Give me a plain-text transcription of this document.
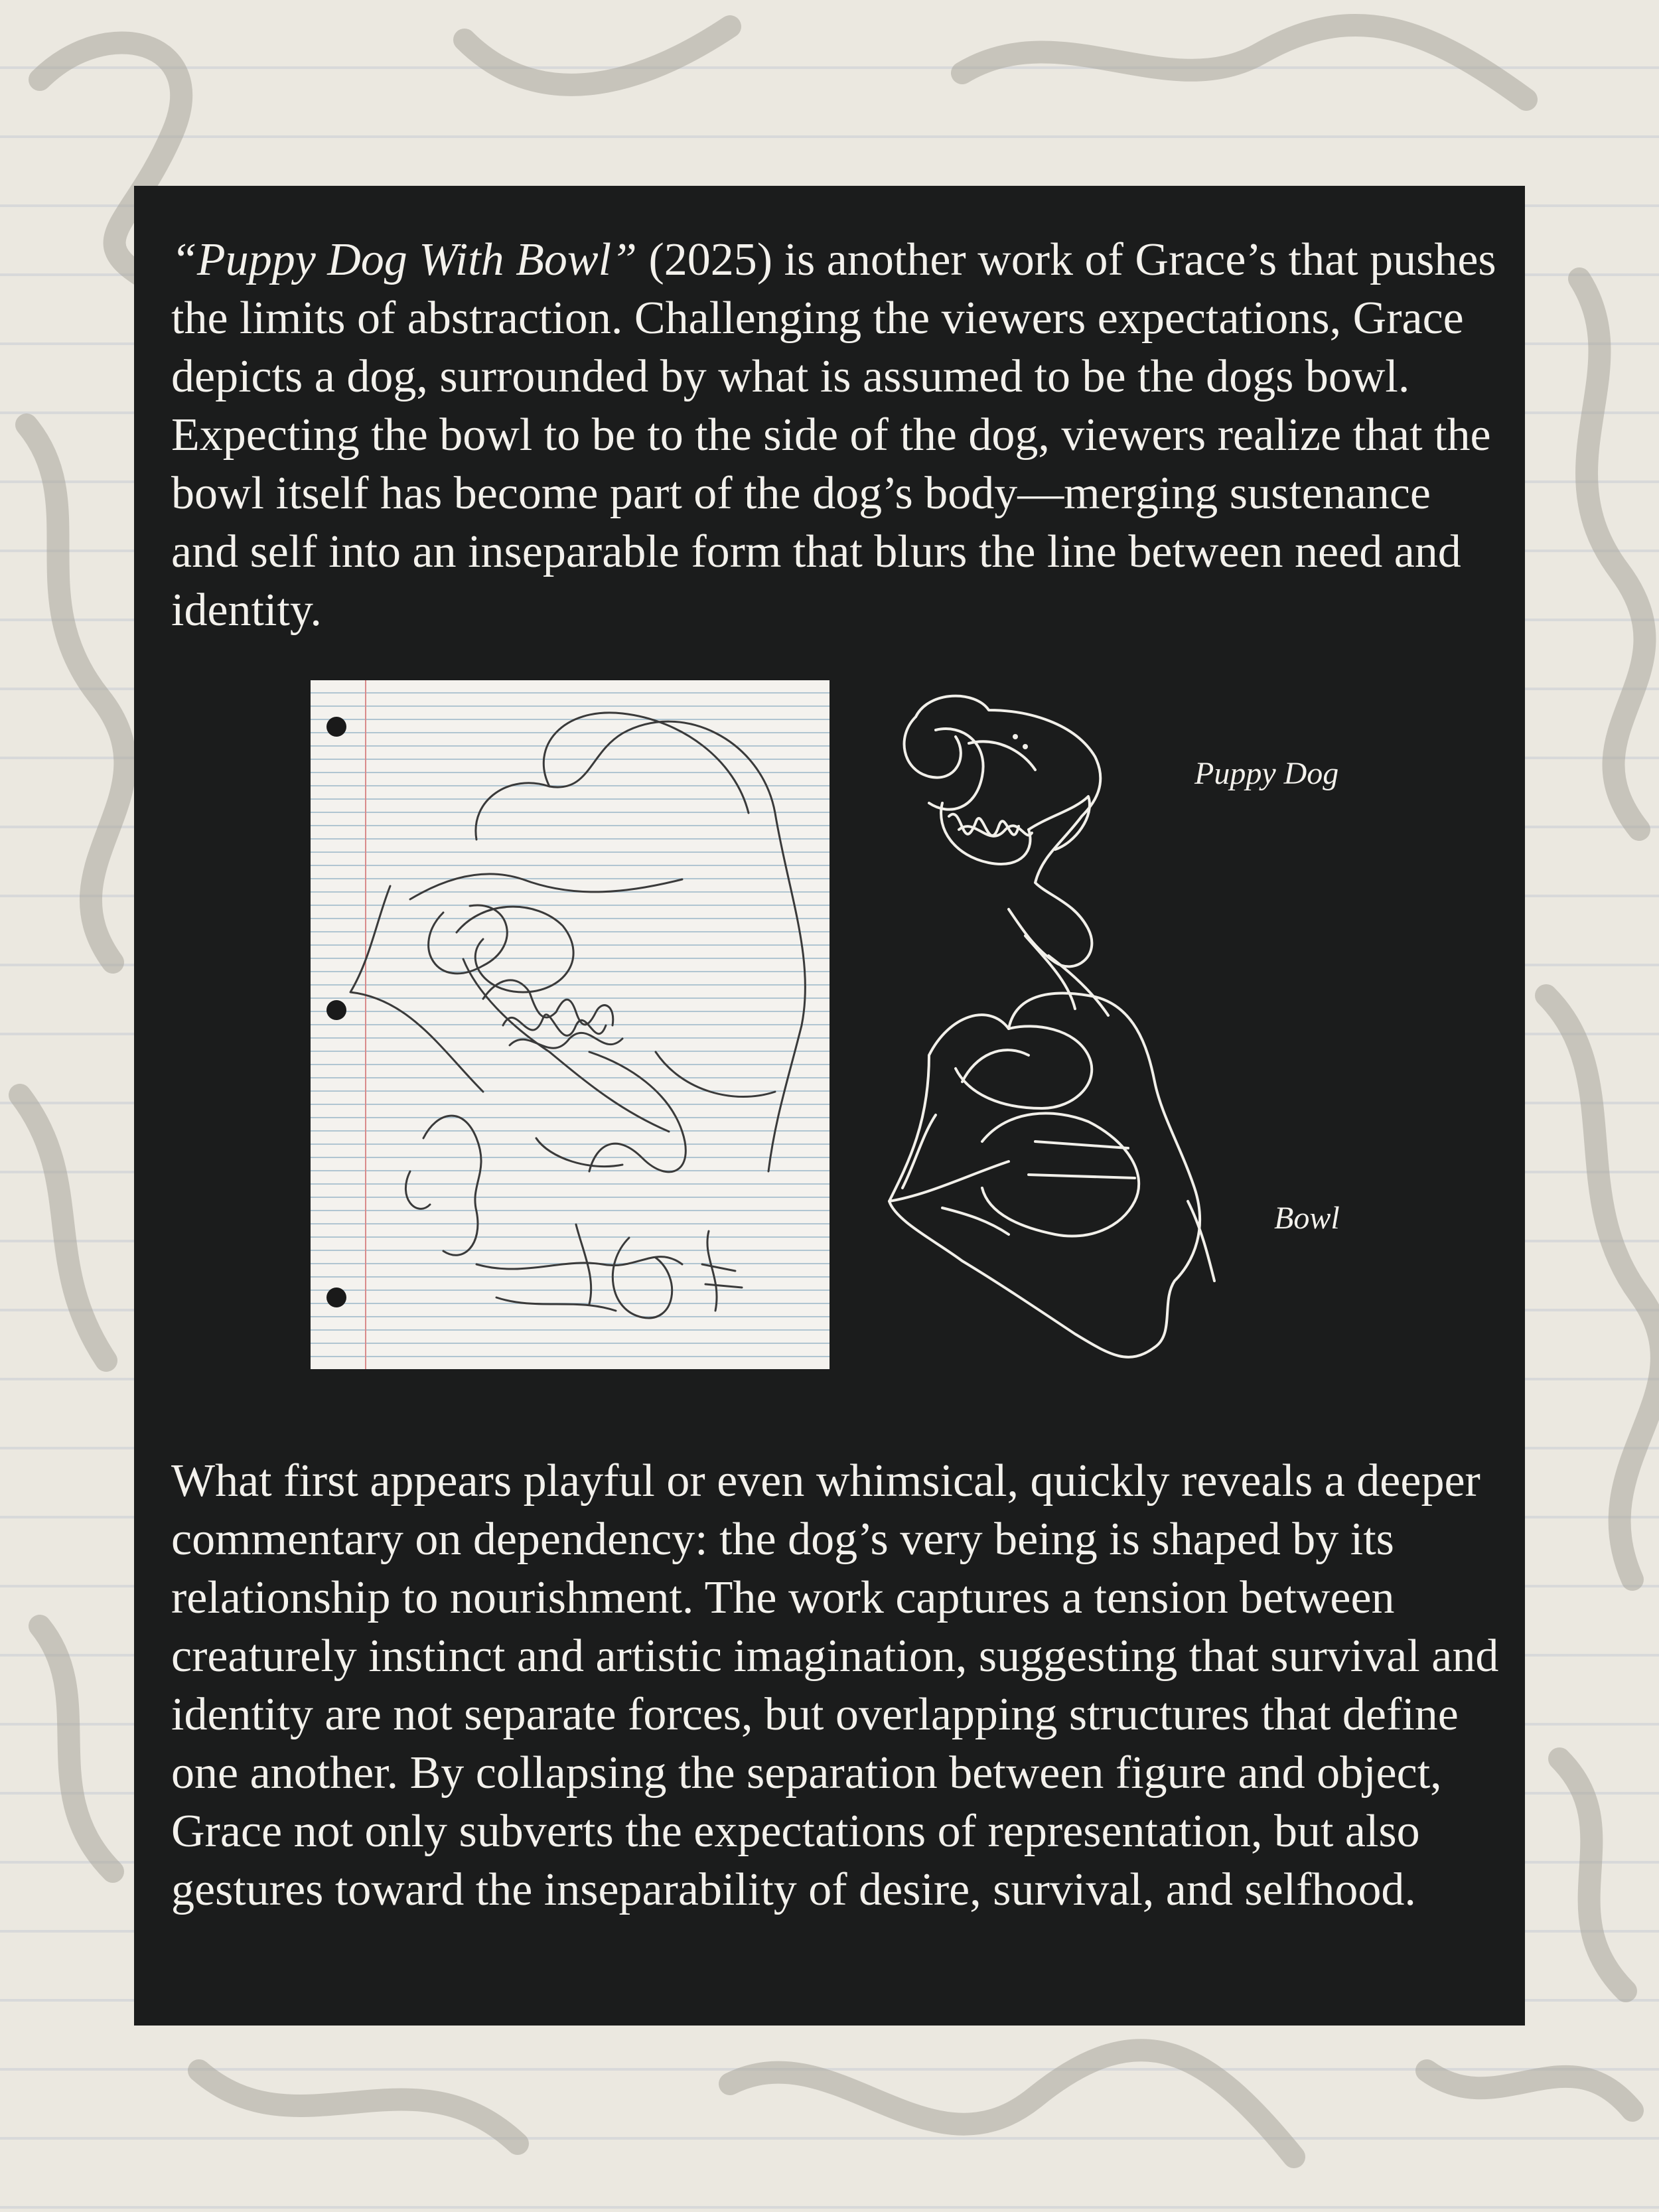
“Puppy Dog With Bowl” (2025) is another work of Grace’s that pushes the limits of abstraction. Challenging the viewers expectations, Grace depicts a dog, surrounded by what is assumed to be the dogs bowl. Expecting the bowl to be to the side of the dog, viewers realize that the bowl itself has become part of the dog’s body—merging sustenance and self into an inseparable form that blurs the line between need and identity.

Puppy Dog
Bowl

What first appears playful or even whimsical, quickly reveals a deeper commentary on dependency: the dog’s very being is shaped by its relationship to nourishment. The work captures a tension between creaturely instinct and artistic imagination, suggesting that survival and identity are not separate forces, but overlapping structures that define one another. By collapsing the separation between figure and object, Grace not only subverts the expectations of representation, but also gestures toward the inseparability of desire, survival, and selfhood.
